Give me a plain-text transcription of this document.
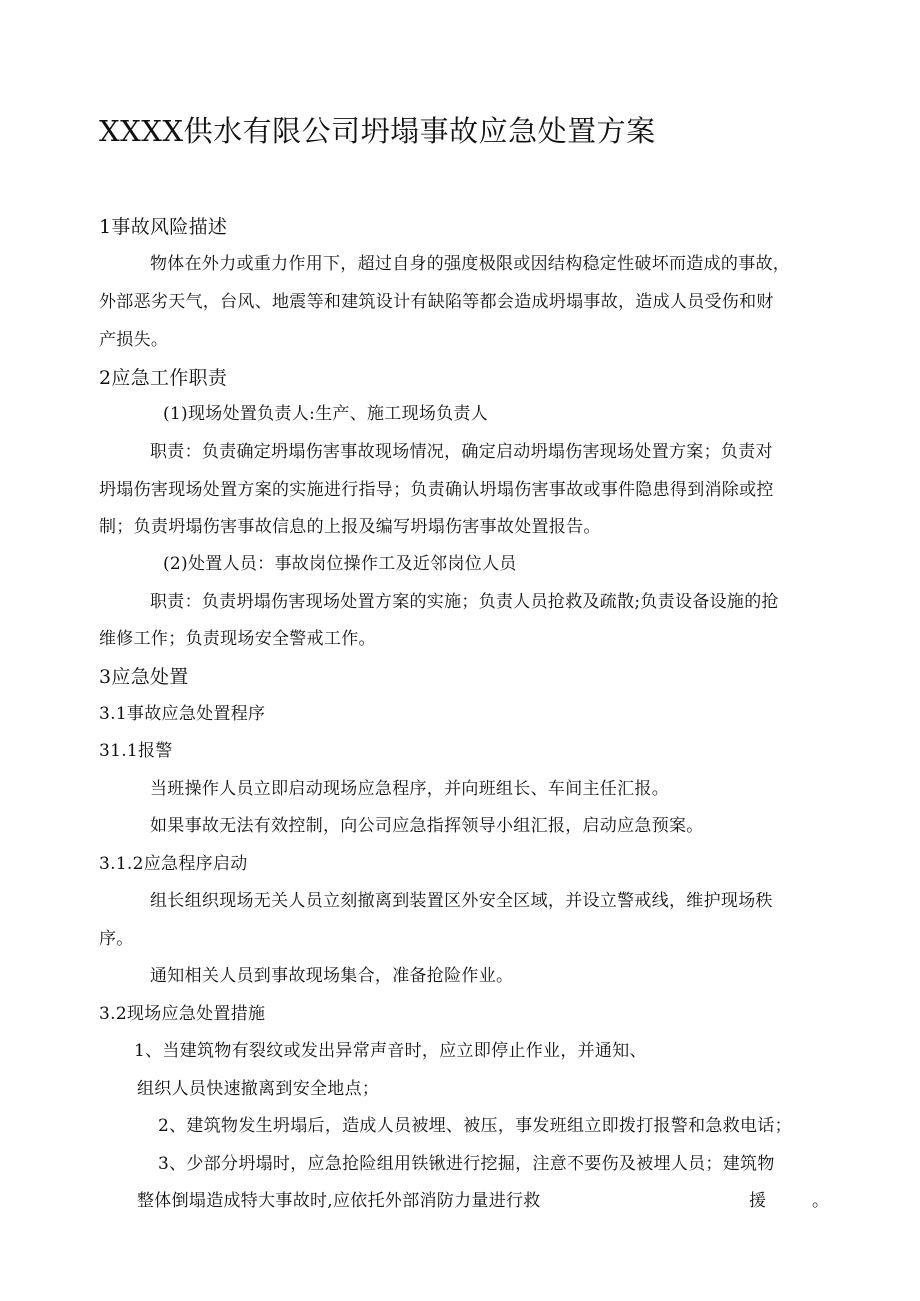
XXXX供水有限公司坍塌事故应急处置方案
1事故风险描述
物体在外力或重力作用下，超过自身的强度极限或因结构稳定性破坏而造成的事故，
外部恶劣天气，台风、地震等和建筑设计有缺陷等都会造成坍塌事故，造成人员受伤和财
产损失。
2应急工作职责
(1)现场处置负责人:生产、施工现场负责人
职责：负责确定坍塌伤害事故现场情况，确定启动坍塌伤害现场处置方案；负责对
坍塌伤害现场处置方案的实施进行指导；负责确认坍塌伤害事故或事件隐患得到消除或控
制；负责坍塌伤害事故信息的上报及编写坍塌伤害事故处置报告。
(2)处置人员：事故岗位操作工及近邻岗位人员
职责：负责坍塌伤害现场处置方案的实施；负责人员抢救及疏散;负责设备设施的抢
维修工作；负责现场安全警戒工作。
3应急处置
3.1事故应急处置程序
31.1报警
当班操作人员立即启动现场应急程序，并向班组长、车间主任汇报。
如果事故无法有效控制，向公司应急指挥领导小组汇报，启动应急预案。
3.1.2应急程序启动
组长组织现场无关人员立刻撤离到装置区外安全区域，并设立警戒线，维护现场秩
序。
通知相关人员到事故现场集合，准备抢险作业。
3.2现场应急处置措施
1、当建筑物有裂纹或发出异常声音时，应立即停止作业，并通知、
组织人员快速撤离到安全地点；
2、建筑物发生坍塌后，造成人员被埋、被压，事发班组立即拨打报警和急救电话；
3、少部分坍塌时，应急抢险组用铁锹进行挖掘，注意不要伤及被埋人员；建筑物
整体倒塌造成特大事故时,应依托外部消防力量进行救	援	。
